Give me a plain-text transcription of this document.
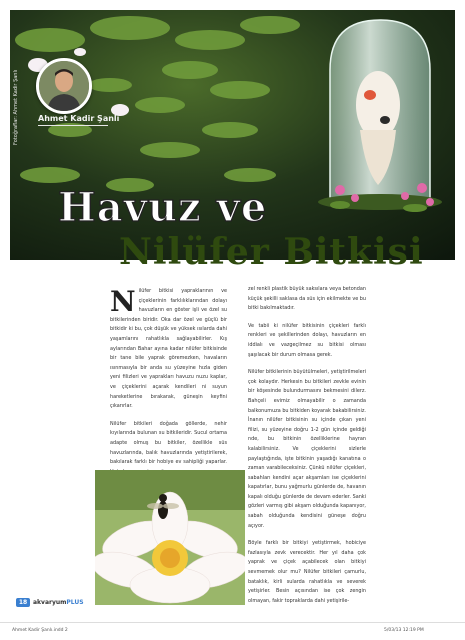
Ahmet Kadir Şanlı
Fotoğraflar: Ahmet Kadir Şanlı
Havuz ve
Nilüfer Bitkisi

Nilüfer bitkisi yapraklarının ve çiçeklerinin farklılıklarından dolayı havuzların en göster işli ve özel su bitkilerinden biridir. Oka dar özel ve güçlü bir bitkidir ki bu, çok düşük ve yüksek ısılarda dahi yaşamlarını rahatlıkla sağlayabilirler. Kış aylarından Bahar ayına kadar nilüfer bitkisinde bir tane bile yaprak göremezken, havaların ısınmasıyla bir anda su yüzeyine hızla giden yeni filizleri ve yaprakları havuzu nuzu kaplar, ve çiçeklerini açarak kendileri ni suyun hareketlerine bırakarak, güneşin keyfini çıkarırlar.

Nilüfer bitkileri doğada göllerde, nehir kıyılarında bulunan su bitkileridir. Sucul ortama adapte olmuş bu bitkiler, özellikle süs havuzlarında, balık havuzlarında yetiştirilerek, bakılarak farklı bir hobiye ev sahipliği yaparlar.

zel renkli plastik büyük saksılara veya betondan küçük şekilli saklasa da süs için ekilmekte ve bu bitki bakılmaktadır.

Ve tabii ki nilüfer bitkisinin çiçekleri farklı renkleri ve şekillerinden dolayı, havuzların en iddialı ve vazgeçilmez su bitkisi olması şaşılacak bir durum olmasa gerek.

Nilüfer bitkilerinin büyütülmeleri, yetiştirilmeleri çok kolaydır. Herkesin bu bitkileri zevkle evinin bir köşesinde bulundurmasını bekmesini dilerz. Bahçeli evimiz olmayabilir o zamanda balkonumuza bu bitkiden koyarak bakabilirsiniz. İnanın nilüfer bitkisinin su içinde çıkan yeni filizi, su yüzeyine doğru 1-2 gün içinde geldiği nde, bu bitkinin özelliklerine hayran kalabilirsiniz. Ve çiçeklerini sizlerle paylaştığında, işte bitkinin yaşadığı kanatına o zaman varabileceksiniz. Çünkü nilüfer çiçekleri, sabahları kendini açar akşamları ise çiçeklerini kapatırlar, bunu yağmurlu günlerde de, havanın kapalı olduğu günlerde de devam ederler. Sanki gözleri varmış gibi akşam olduğunda kapanıyor, sabah olduğunda kendisini güneşe doğru açıyor.

Böyle farklı bir bitkiyi yetiştirmek, hobiciye fazlasıyla zevk verecektir. Her yıl daha çok yaprak ve çiçek açabilecek olan bitkiyi sevmemek olur mu? Nilüfer bitkileri çamurlu, bataklık, kirli sularda rahatlıkla ve severek yetişirler. Besin açısından ise çok zengin olmayan, fakir topraklarda dahi yetişirile-

18 akvaryumPLUS
Ahmet Kadir Şanlı.indd 2	5/03/13 12:19 PM
